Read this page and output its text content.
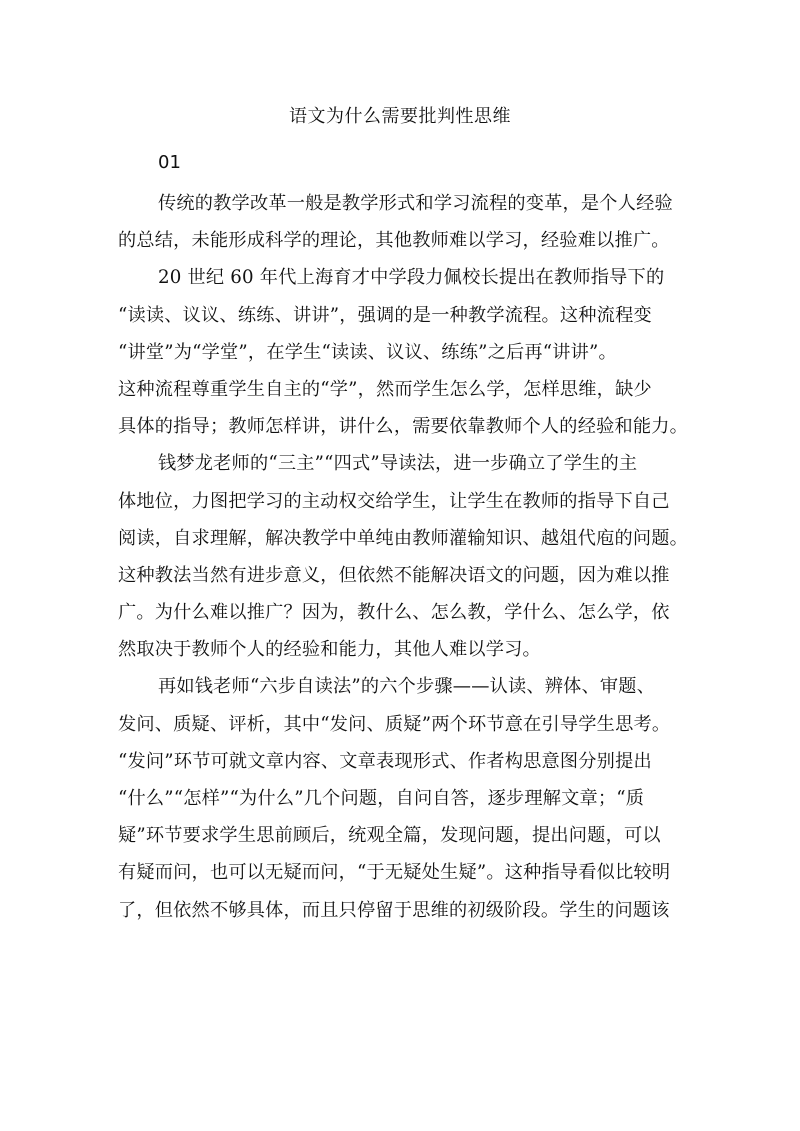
语文为什么需要批判性思维
01
传统的教学改革一般是教学形式和学习流程的变革，是个人经验
的总结，未能形成科学的理论，其他教师难以学习，经验难以推广。
20 世纪 60 年代上海育才中学段力佩校长提出在教师指导下的
“读读、议议、练练、讲讲”，强调的是一种教学流程。这种流程变
“讲堂”为“学堂”，在学生“读读、议议、练练”之后再“讲讲”。
这种流程尊重学生自主的“学”，然而学生怎么学，怎样思维，缺少
具体的指导；教师怎样讲，讲什么，需要依靠教师个人的经验和能力。
钱梦龙老师的“三主”“四式”导读法，进一步确立了学生的主
体地位，力图把学习的主动权交给学生，让学生在教师的指导下自己
阅读，自求理解，解决教学中单纯由教师灌输知识、越俎代庖的问题。
这种教法当然有进步意义，但依然不能解决语文的问题，因为难以推
广。为什么难以推广？因为，教什么、怎么教，学什么、怎么学，依
然取决于教师个人的经验和能力，其他人难以学习。
再如钱老师“六步自读法”的六个步骤——认读、辨体、审题、
发问、质疑、评析，其中“发问、质疑”两个环节意在引导学生思考。
“发问”环节可就文章内容、文章表现形式、作者构思意图分别提出
“什么”“怎样”“为什么”几个问题，自问自答，逐步理解文章；“质
疑”环节要求学生思前顾后，统观全篇，发现问题，提出问题，可以
有疑而问，也可以无疑而问，“于无疑处生疑”。这种指导看似比较明
了，但依然不够具体，而且只停留于思维的初级阶段。学生的问题该
